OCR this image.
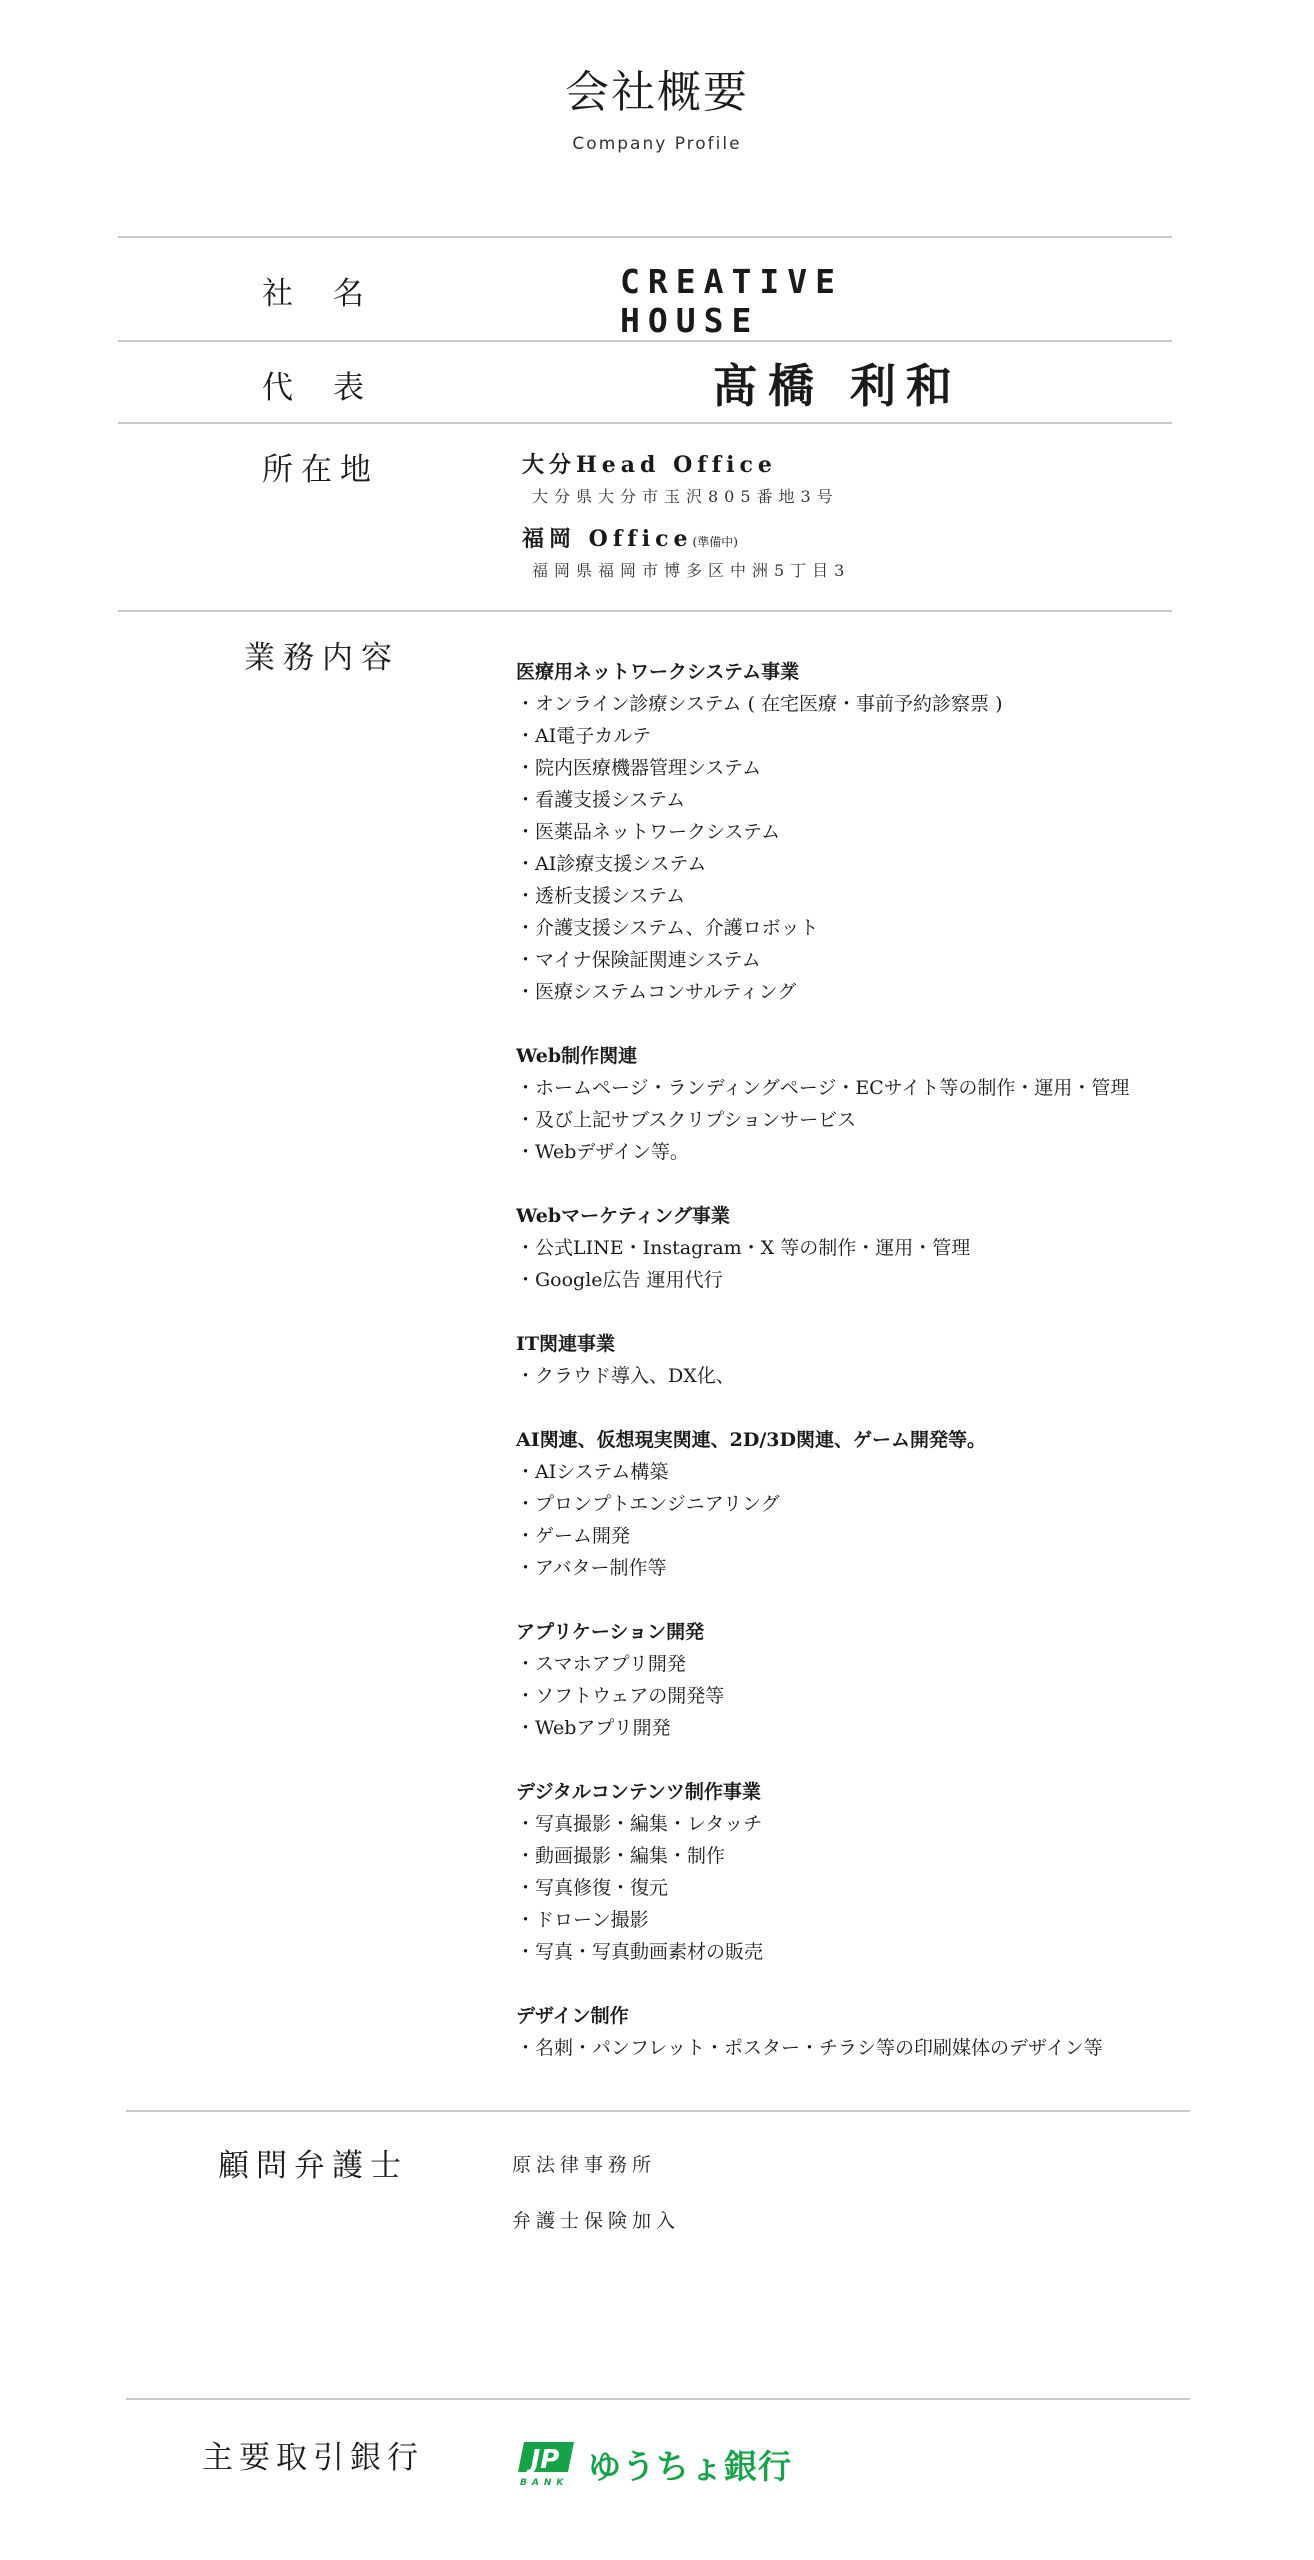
会社概要
Company Profile
社名	CREATIVE HOUSE
代表	髙橋 利和
所在地	大分Head Office
大分県大分市玉沢805番地3号
福岡 Office(準備中)
福岡県福岡市博多区中洲5丁目3
業務内容	医療用ネットワークシステム事業
・オンライン診療システム ( 在宅医療・事前予約診察票 )
・AI電子カルテ
・院内医療機器管理システム
・看護支援システム
・医薬品ネットワークシステム
・AI診療支援システム
・透析支援システム
・介護支援システム、介護ロボット
・マイナ保険証関連システム
・医療システムコンサルティング
Web制作関連
・ホームページ・ランディングページ・ECサイト等の制作・運用・管理
・及び上記サブスクリプションサービス
・Webデザイン等。
Webマーケティング事業
・公式LINE・Instagram・X 等の制作・運用・管理
・Google広告 運用代行
IT関連事業
・クラウド導入、DX化、
AI関連、仮想現実関連、2D/3D関連、ゲーム開発等。
・AIシステム構築
・プロンプトエンジニアリング
・ゲーム開発
・アバター制作等
アプリケーション開発
・スマホアプリ開発
・ソフトウェアの開発等
・Webアプリ開発
デジタルコンテンツ制作事業
・写真撮影・編集・レタッチ
・動画撮影・編集・制作
・写真修復・復元
・ドローン撮影
・写真・写真動画素材の販売
デザイン制作
・名刺・パンフレット・ポスター・チラシ等の印刷媒体のデザイン等
顧問弁護士	原法律事務所
弁護士保険加入
主要取引銀行	JP
BANK ゆうちょ銀行
